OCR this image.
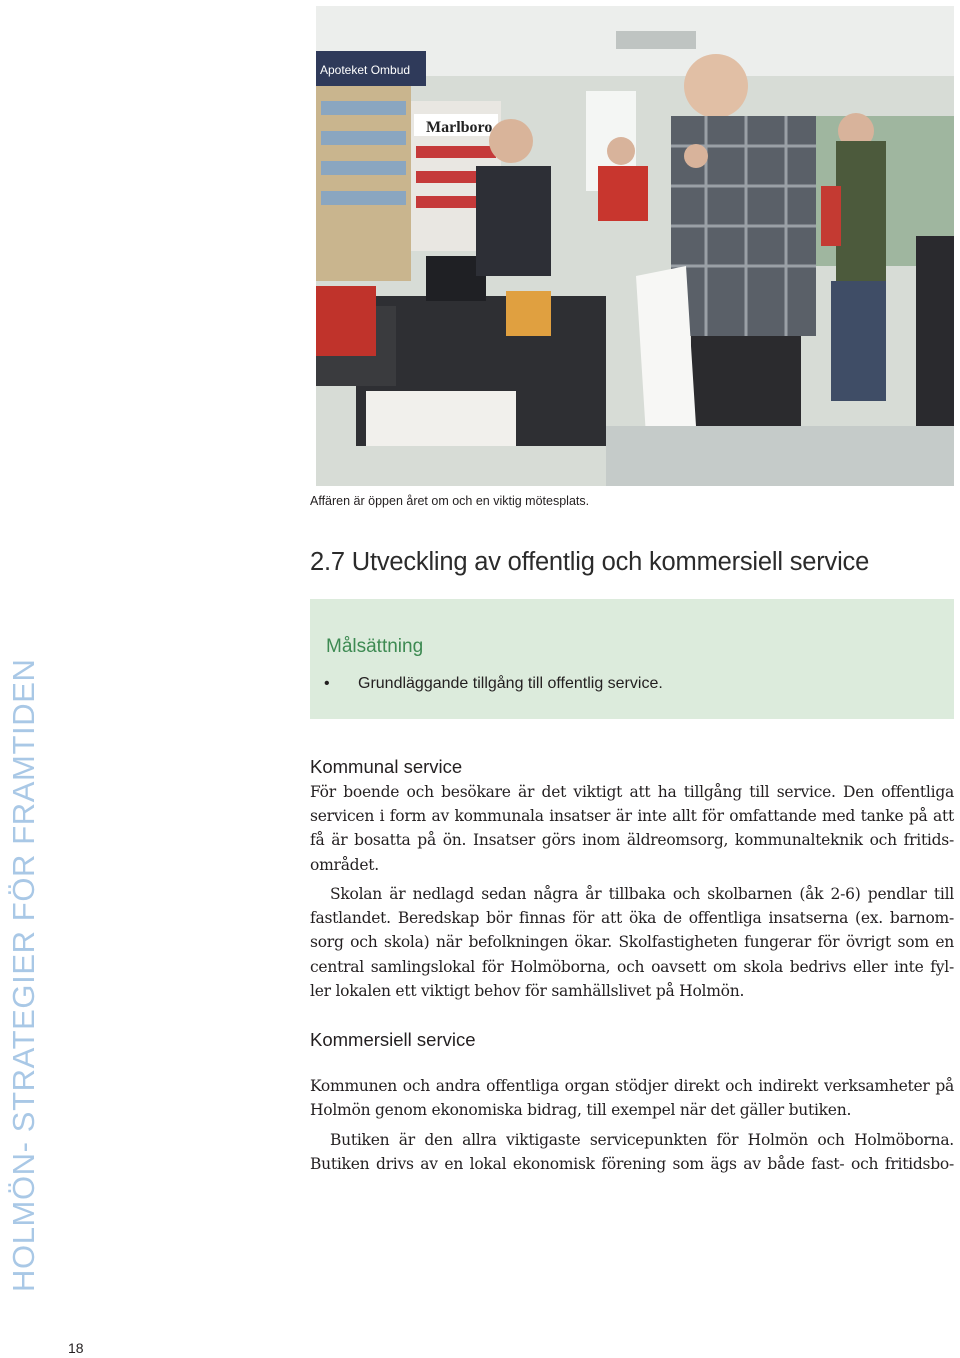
Apoteket Ombud
Marlboro
Affären är öppen året om och en viktig mötesplats.
2.7 Utveckling av offentlig och kommersiell service
Målsättning
• Grundläggande tillgång till offentlig service.
HOLMÖN- STRATEGIER FÖR FRAMTIDEN	Kommunal service
För boende och besökare är det viktigt att ha tillgång till service. Den offentliga
servicen i form av kommunala insatser är inte allt för omfattande med tanke på att
få är bosatta på ön. Insatser görs inom äldreomsorg, kommunalteknik och fritids-
området.
Skolan är nedlagd sedan några år tillbaka och skolbarnen (åk 2-6) pendlar till
fastlandet. Beredskap bör finnas för att öka de offentliga insatserna (ex. barnom-
sorg och skola) när befolkningen ökar. Skolfastigheten fungerar för övrigt som en
central samlingslokal för Holmöborna, och oavsett om skola bedrivs eller inte fyl-
ler lokalen ett viktigt behov för samhällslivet på Holmön.
Kommersiell service
Kommunen och andra offentliga organ stödjer direkt och indirekt verksamheter på
Holmön genom ekonomiska bidrag, till exempel när det gäller butiken.
Butiken är den allra viktigaste servicepunkten för Holmön och Holmöborna.
Butiken drivs av en lokal ekonomisk förening som ägs av både fast- och fritidsbo-
18
